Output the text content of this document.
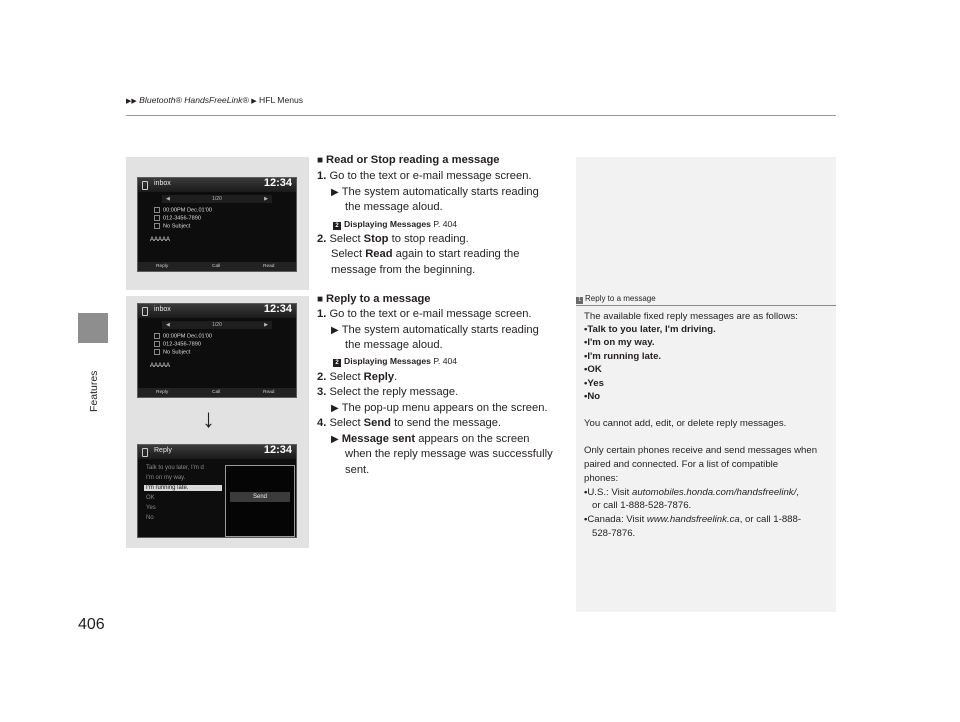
▶▶ Bluetooth® HandsFreeLink® ▶ HFL Menus
Features
406
inbox	12:34
◀	1/20	▶
00:00PM Dec.01'00
012-3456-7890
No Subject
AAAAA
Reply	Call	Read
inbox	12:34
◀	1/20	▶
00:00PM Dec.01'00
012-3456-7890
No Subject
AAAAA
Reply	Call	Read
Reply	12:34
Talk to you later, I'm d
I'm on my way.
I'm running late.
OK
Yes
No
Send
↓
■ Read or Stop reading a message
1. Go to the text or e-mail message screen.
▶ The system automatically starts reading
the message aloud.
2 Displaying Messages P. 404
2. Select Stop to stop reading.
Select Read again to start reading the
message from the beginning.
■ Reply to a message
1. Go to the text or e-mail message screen.
▶ The system automatically starts reading
the message aloud.
2 Displaying Messages P. 404
2. Select Reply.
3. Select the reply message.
▶ The pop-up menu appears on the screen.
4. Select Send to send the message.
▶ Message sent appears on the screen
when the reply message was successfully
sent.
1 Reply to a message
The available fixed reply messages are as follows:
•Talk to you later, I'm driving.
•I'm on my way.
•I'm running late.
•OK
•Yes
•No
You cannot add, edit, or delete reply messages.
Only certain phones receive and send messages when
paired and connected. For a list of compatible
phones:
•U.S.: Visit automobiles.honda.com/handsfreelink/,
or call 1-888-528-7876.
•Canada: Visit www.handsfreelink.ca, or call 1-888-
528-7876.
